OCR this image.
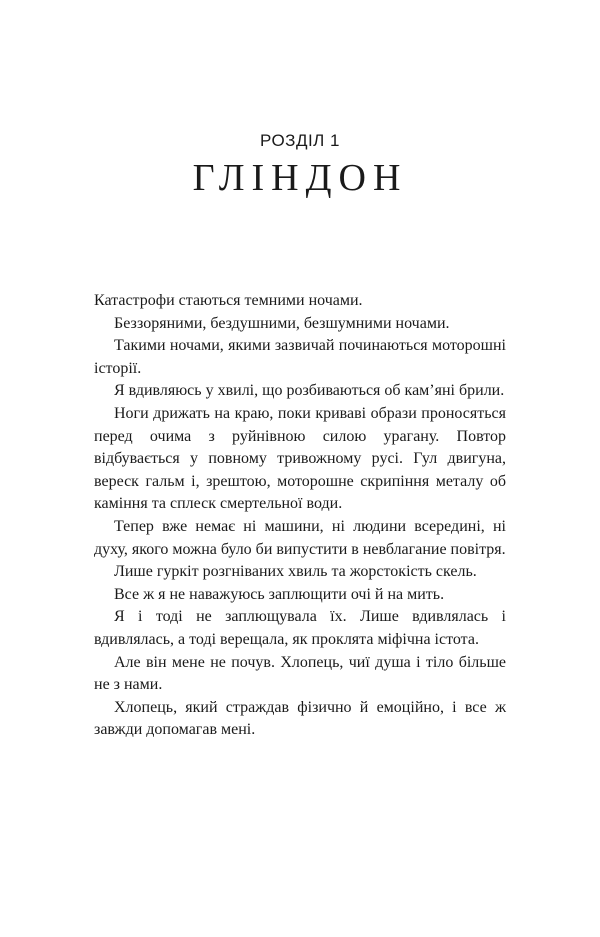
РОЗДІЛ 1
ГЛІНДОН

Катастрофи стаються темними ночами.

Беззоряними, бездушними, безшумними ночами.

Такими ночами, якими зазвичай починаються моторошні історії.

Я вдивляюсь у хвилі, що розбиваються об кам’яні брили.

Ноги дрижать на краю, поки криваві образи проносяться перед очима з руйнівною силою урагану. Повтор відбувається у повному тривожному русі. Гул двигуна, вереск гальм і, зрештою, моторошне скрипіння металу об каміння та сплеск смертельної води.

Тепер вже немає ні машини, ні людини всередині, ні духу, якого можна було би випустити в невблагание повітря.

Лише гуркіт розгніваних хвиль та жорстокість скель.

Все ж я не наважуюсь заплющити очі й на мить.

Я і тоді не заплющувала їх. Лише вдивлялась і вдивлялась, а тоді верещала, як проклята міфічна істота.

Але він мене не почув. Хлопець, чиї душа і тіло більше не з нами.

Хлопець, який страждав фізично й емоційно, і все ж завжди допомагав мені.
